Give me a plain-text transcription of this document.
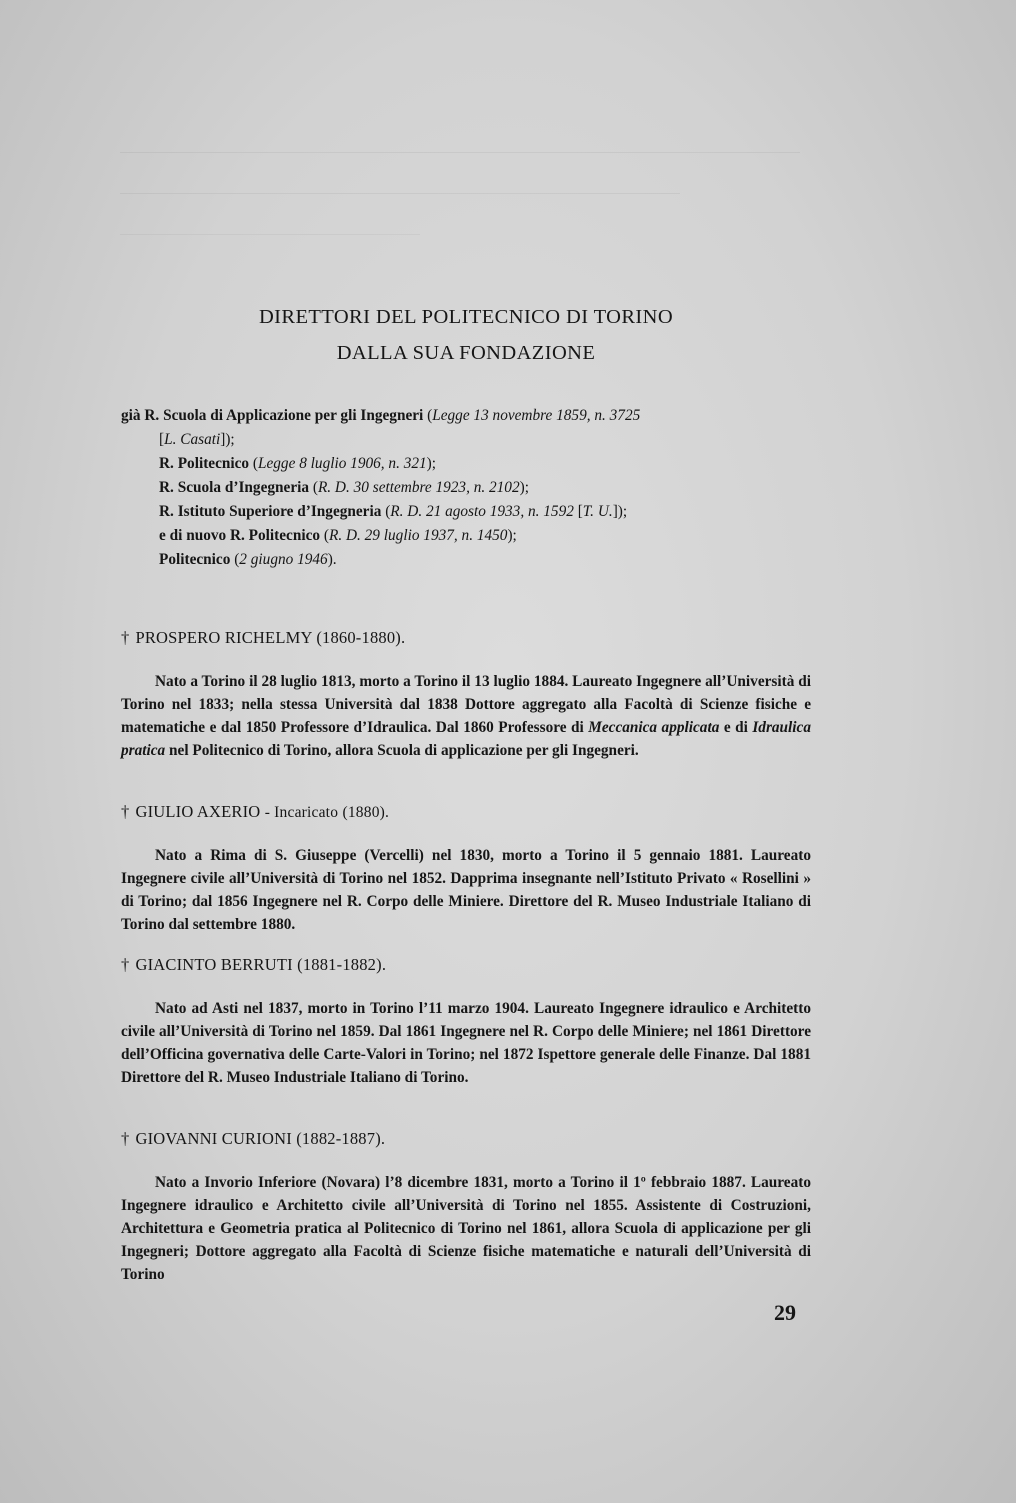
DIRETTORI DEL POLITECNICO DI TORINO
DALLA SUA FONDAZIONE
già R. Scuola di Applicazione per gli Ingegneri (Legge 13 novembre 1859, n. 3725
[L. Casati]);
R. Politecnico (Legge 8 luglio 1906, n. 321);
R. Scuola d’Ingegneria (R. D. 30 settembre 1923, n. 2102);
R. Istituto Superiore d’Ingegneria (R. D. 21 agosto 1933, n. 1592 [T. U.]);
e di nuovo R. Politecnico (R. D. 29 luglio 1937, n. 1450);
Politecnico (2 giugno 1946).
† PROSPERO RICHELMY (1860-1880).

Nato a Torino il 28 luglio 1813, morto a Torino il 13 luglio 1884. Laureato Ingegnere all’Università di Torino nel 1833; nella stessa Università dal 1838 Dottore aggregato alla Facoltà di Scienze fisiche e matematiche e dal 1850 Professore d’Idraulica. Dal 1860 Professore di Meccanica applicata e di Idraulica pratica nel Politecnico di Torino, allora Scuola di applicazione per gli Ingegneri.

† GIULIO AXERIO - Incaricato (1880).

Nato a Rima di S. Giuseppe (Vercelli) nel 1830, morto a Torino il 5 gennaio 1881. Laureato Ingegnere civile all’Università di Torino nel 1852. Dapprima insegnante nell’Istituto Privato « Rosellini » di Torino; dal 1856 Ingegnere nel R. Corpo delle Miniere. Direttore del R. Museo Industriale Italiano di Torino dal settembre 1880.

† GIACINTO BERRUTI (1881-1882).

Nato ad Asti nel 1837, morto in Torino l’11 marzo 1904. Laureato Ingegnere idraulico e Architetto civile all’Università di Torino nel 1859. Dal 1861 Ingegnere nel R. Corpo delle Miniere; nel 1861 Direttore dell’Officina governativa delle Carte-Valori in Torino; nel 1872 Ispettore generale delle Finanze. Dal 1881 Direttore del R. Museo Industriale Italiano di Torino.

† GIOVANNI CURIONI (1882-1887).

Nato a Invorio Inferiore (Novara) l’8 dicembre 1831, morto a Torino il 1º febbraio 1887. Laureato Ingegnere idraulico e Architetto civile all’Università di Torino nel 1855. Assistente di Costruzioni, Architettura e Geometria pratica al Politecnico di Torino nel 1861, allora Scuola di applicazione per gli Ingegneri; Dottore aggregato alla Facoltà di Scienze fisiche matematiche e naturali dell’Università di Torino

29
